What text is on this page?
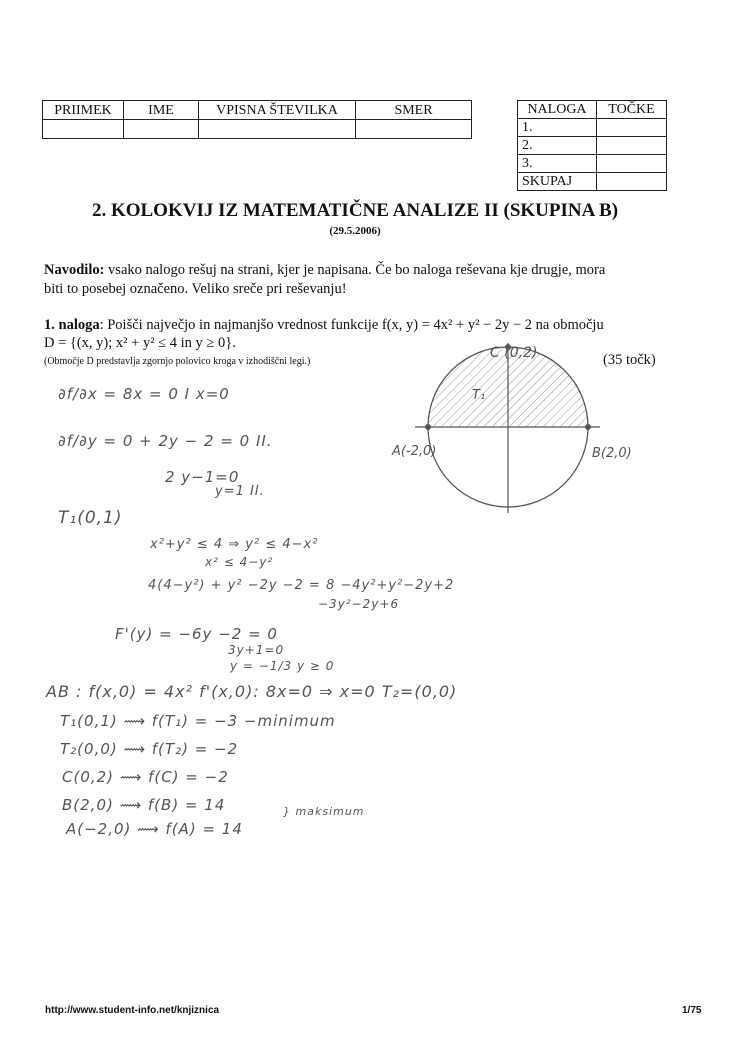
PRIIMEK	IME	VPISNA ŠTEVILKA	SMER
				NALOGA	TOČKE
1.	
2.	
3.	
SKUPAJ	
2. KOLOKVIJ IZ MATEMATIČNE ANALIZE II (SKUPINA B)
(29.5.2006)
Navodilo: vsako nalogo rešuj na strani, kjer je napisana. Če bo naloga reševana kje drugje, mora
biti to posebej označeno. Veliko sreče pri reševanju!
1. naloga: Poišči največjo in najmanjšo vrednost funkcije f(x, y) = 4x² + y² − 2y − 2 na območju
D = {(x, y); x² + y² ≤ 4 in y ≥ 0}.
(Območje D predstavlja zgornjo polovico kroga v izhodiščni legi.)	(35 točk)
C (0,2)
T₁
A(-2,0)	B(2,0)
∂f/∂x = 8x = 0 I x=0
∂f/∂y = 0 + 2y − 2 = 0 II.
2 y−1=0
y=1 II.
T₁(0,1)
x²+y² ≤ 4 ⇒ y² ≤ 4−x²
x² ≤ 4−y²
4(4−y²) + y² −2y −2 = 8 −4y²+y²−2y+2
−3y²−2y+6
F'(y) = −6y −2 = 0
3y+1=0
y = −1/3 y ≥ 0
AB : f(x,0) = 4x² f'(x,0): 8x=0 ⇒ x=0 T₂=(0,0)
T₁(0,1) ⟿ f(T₁) = −3 −minimum
T₂(0,0) ⟿ f(T₂) = −2
C(0,2) ⟿ f(C) = −2
B(2,0) ⟿ f(B) = 14
A(−2,0) ⟿ f(A) = 14
} maksimum
http://www.student-info.net/knjiznica	1/75
